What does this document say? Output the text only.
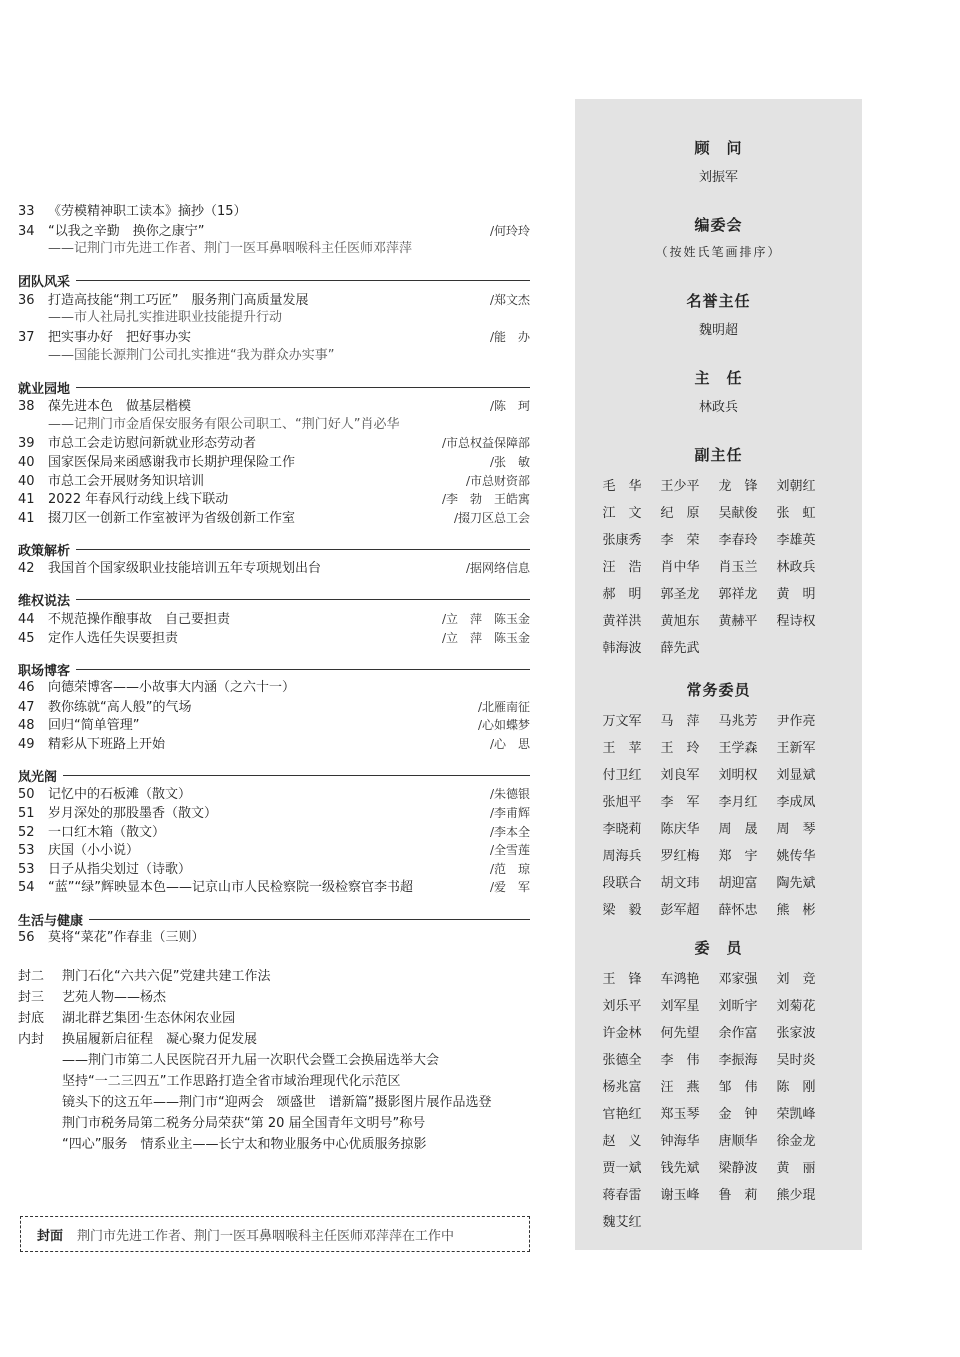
33	《劳模精神职工读本》摘抄（15）
34	“以我之辛勤　换你之康宁”	/何玲玲
——记荆门市先进工作者、荆门一医耳鼻咽喉科主任医师邓萍萍
团队风采
36	打造高技能“荆工巧匠”　服务荆门高质量发展	/郑文杰
——市人社局扎实推进职业技能提升行动
37	把实事办好　把好事办实	/能　办
——国能长源荆门公司扎实推进“我为群众办实事”
就业园地
38	葆先进本色　做基层楷模	/陈　珂
——记荆门市金盾保安服务有限公司职工、“荆门好人”肖必华
39	市总工会走访慰问新就业形态劳动者	/市总权益保障部
40	国家医保局来函感谢我市长期护理保险工作	/张　敏
40	市总工会开展财务知识培训	/市总财资部
41	2022 年春风行动线上线下联动	/李　勃　王皓寓
41	掇刀区一创新工作室被评为省级创新工作室	/掇刀区总工会
政策解析
42	我国首个国家级职业技能培训五年专项规划出台	/据网络信息
维权说法
44	不规范操作酿事故　自己要担责	/立　萍　陈玉金
45	定作人选任失误要担责	/立　萍　陈玉金
职场博客
46	向德荣博客——小故事大内涵（之六十一）
47	教你练就“高人般”的气场	/北雁南征
48	回归“简单管理”	/心如蝶梦
49	精彩从下班路上开始	/心　思
岚光阁
50	记忆中的石板滩（散文）	/朱德银
51	岁月深处的那股墨香（散文）	/李甫辉
52	一口红木箱（散文）	/李本全
53	庆国（小小说）	/全雪莲
53	日子从指尖划过（诗歌）	/范　琼
54	“蓝”“绿”辉映显本色——记京山市人民检察院一级检察官李书超	/爱　军
生活与健康
56	莫将“菜花”作春韭（三则）
封二	荆门石化“六共六促”党建共建工作法
封三	艺苑人物——杨杰
封底	湖北群艺集团·生态休闲农业园
内封	换届履新启征程　凝心聚力促发展
——荆门市第二人民医院召开九届一次职代会暨工会换届选举大会
坚持“一二三四五”工作思路打造全省市域治理现代化示范区
镜头下的这五年——荆门市“迎两会　颂盛世　谱新篇”摄影图片展作品选登
荆门市税务局第二税务分局荣获“第 20 届全国青年文明号”称号
“四心”服务　情系业主——长宁太和物业服务中心优质服务掠影
封面 荆门市先进工作者、荆门一医耳鼻咽喉科主任医师邓萍萍在工作中
顾　问
刘振军
编委会
（按姓氏笔画排序）
名誉主任
魏明超
主　任
林政兵
副主任
毛　华	王少平	龙　锋	刘朝红
江　文	纪　原	吴献俊	张　虹
张康秀	李　荣	李春玲	李雄英
汪　浩	肖中华	肖玉兰	林政兵
郝　明	郭圣龙	郭祥龙	黄　明
黄祥洪	黄旭东	黄赫平	程诗权
韩海波	薛先武
常务委员
万文军	马　萍	马兆芳	尹作亮
王　苹	王　玲	王学森	王新军
付卫红	刘良军	刘明权	刘显斌
张旭平	李　军	李月红	李成凤
李晓莉	陈庆华	周　晟	周　琴
周海兵	罗红梅	郑　宇	姚传华
段联合	胡文玮	胡迎富	陶先斌
梁　毅	彭军超	薛怀忠	熊　彬
委　员
王　锋	车鸿艳	邓家强	刘　竞
刘乐平	刘军星	刘昕宇	刘菊花
许金林	何先望	余作富	张家波
张德全	李　伟	李振海	吴时炎
杨兆富	汪　燕	邹　伟	陈　刚
官艳红	郑玉琴	金　钟	荣凯峰
赵　义	钟海华	唐顺华	徐金龙
贾一斌	钱先斌	梁静波	黄　丽
蒋春雷	谢玉峰	鲁　莉	熊少琨
魏艾红
